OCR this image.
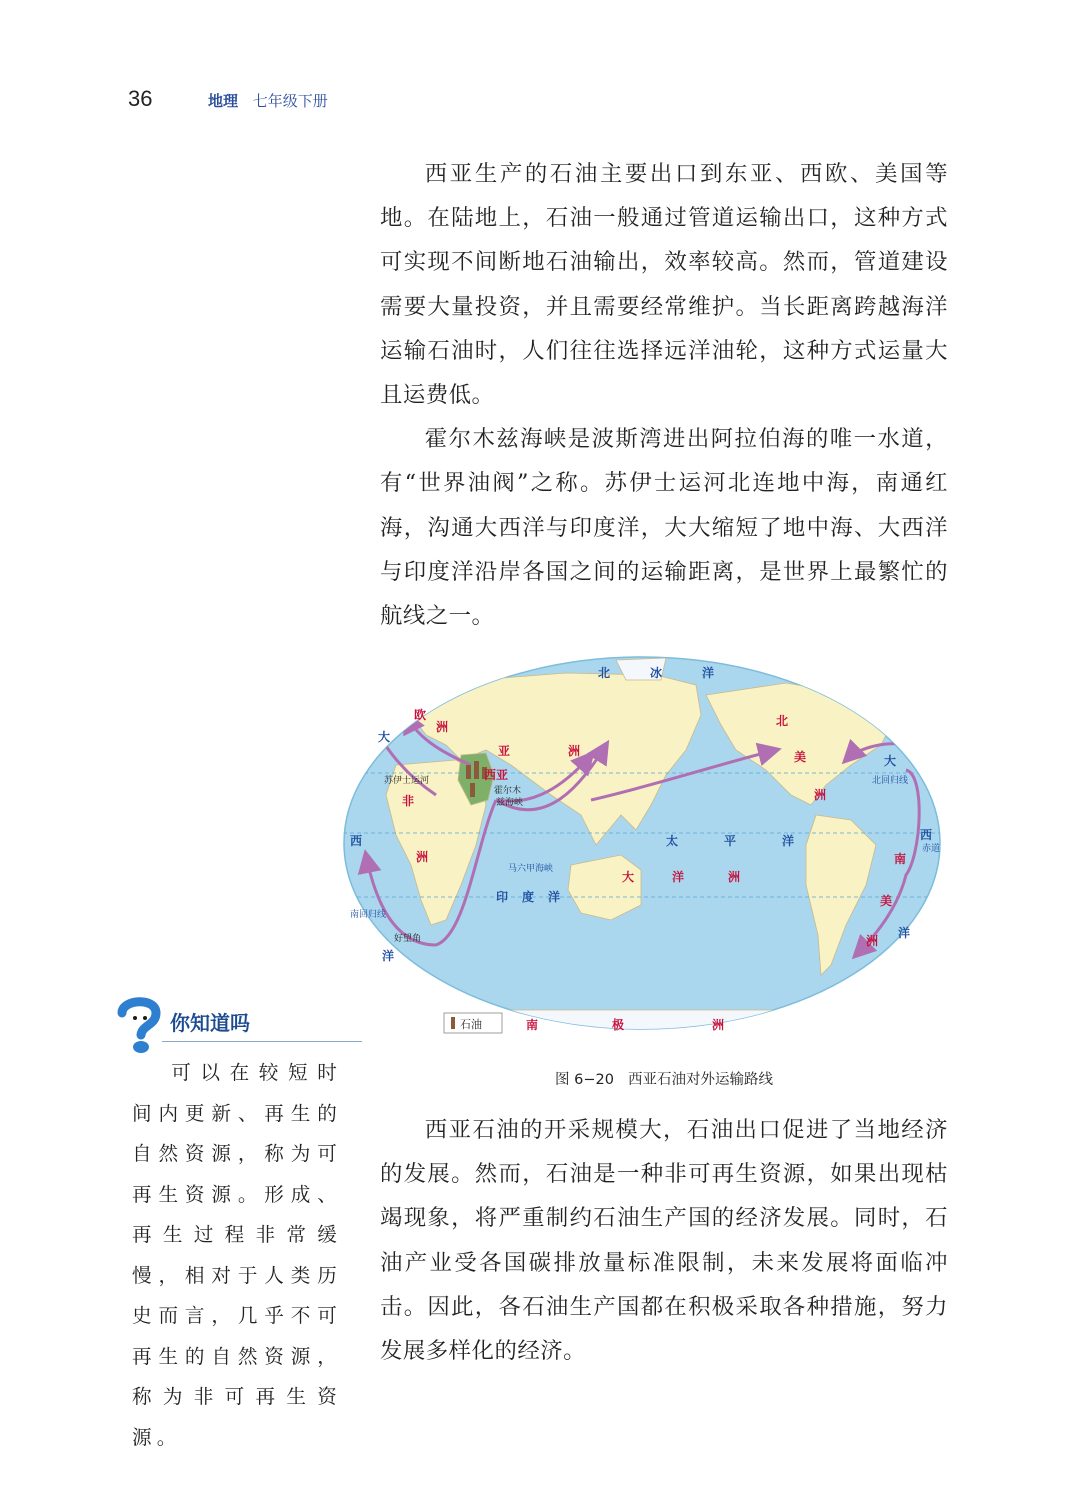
36	地理 七年级下册

西亚生产的石油主要出口到东亚、西欧、美国等地。在陆地上，石油一般通过管道运输出口，这种方式可实现不间断地石油输出，效率较高。然而，管道建设需要大量投资，并且需要经常维护。当长距离跨越海洋运输石油时，人们往往选择远洋油轮，这种方式运量大且运费低。

霍尔木兹海峡是波斯湾进出阿拉伯海的唯一水道，有“世界油阀”之称。苏伊士运河北连地中海，南通红海，沟通大西洋与印度洋，大大缩短了地中海、大西洋与印度洋沿岸各国之间的运输距离，是世界上最繁忙的航线之一。

北	冰	洋
大
西
洋
太	平	洋
印 度 洋
大
西
洋
北回归线
赤道
南回归线
马六甲海峡
苏伊士运河
霍尔木
兹海峡
好望角
欧
洲
亚	洲
西亚
非
洲
大	洋	洲
北
美
洲
南
美
洲
南	极	洲
石油
图 6−20 西亚石油对外运输路线

西亚石油的开采规模大，石油出口促进了当地经济的发展。然而，石油是一种非可再生资源，如果出现枯竭现象，将严重制约石油生产国的经济发展。同时，石油产业受各国碳排放量标准限制，未来发展将面临冲击。因此，各石油生产国都在积极采取各种措施，努力发展多样化的经济。

你知道吗

可以在较短时间内更新、再生的自然资源，称为可再生资源。形成、再生过程非常缓慢，相对于人类历史而言，几乎不可再生的自然资源，称为非可再生资源。
